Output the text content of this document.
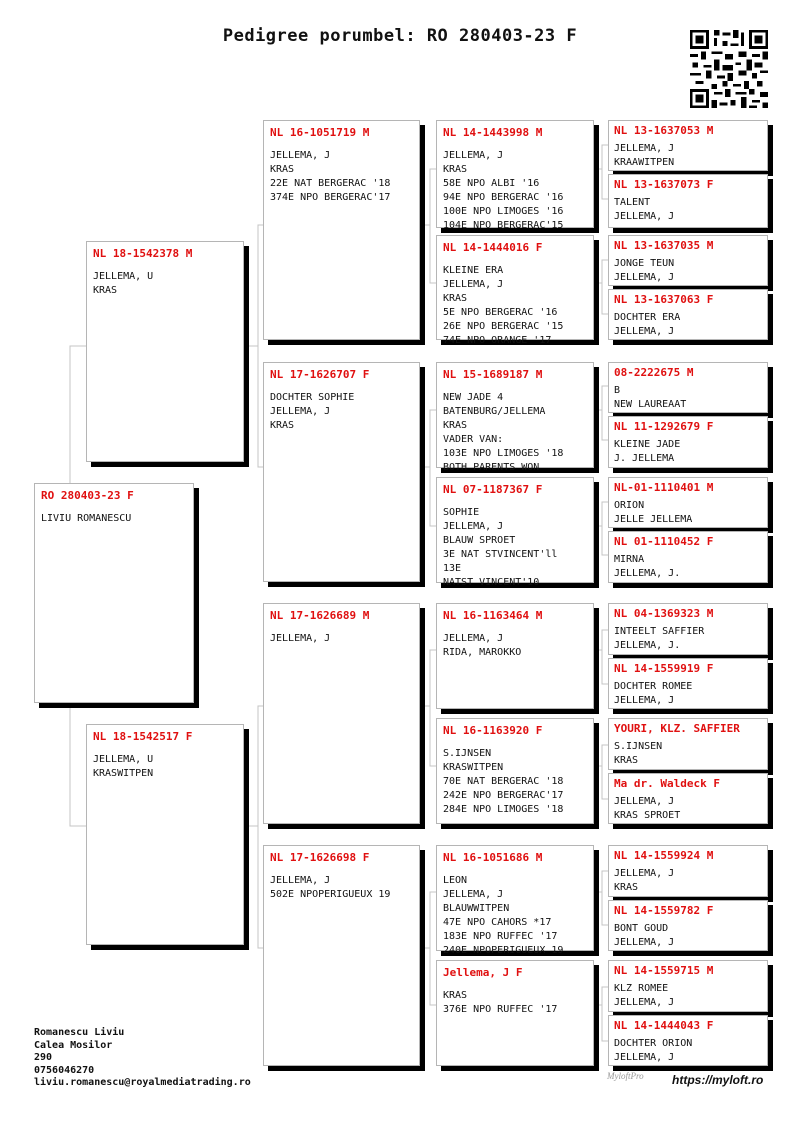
Pedigree porumbel: RO 280403-23 F
RO 280403-23 F
LIVIU ROMANESCU
NL 18-1542378 M
JELLEMA, U
KRAS
NL 18-1542517 F
JELLEMA, U
KRASWITPEN
NL 16-1051719 M
JELLEMA, J
KRAS
22E NAT BERGERAC '18
374E NPO BERGERAC'17
NL 17-1626707 F
DOCHTER SOPHIE
JELLEMA, J
KRAS
NL 17-1626689 M
JELLEMA, J
NL 17-1626698 F
JELLEMA, J
502E NPOPERIGUEUX 19
NL 14-1443998 M
JELLEMA, J
KRAS
58E NPO ALBI '16
94E NPO BERGERAC '16
100E NPO LIMOGES '16
104E NPO BERGERAC'15
NL 14-1444016 F
KLEINE ERA
JELLEMA, J
KRAS
5E NPO BERGERAC '16
26E NPO BERGERAC '15
74E NPO ORANGE '17
NL 15-1689187 M
NEW JADE 4
BATENBURG/JELLEMA
KRAS
VADER VAN:
103E NPO LIMOGES '18
BOTH PARENTS WON
NL 07-1187367 F
SOPHIE
JELLEMA, J
BLAUW SPROET
3E NAT STVINCENT'll
13E
NATST VINCENT'10
NL 16-1163464 M
JELLEMA, J
RIDA, MAROKKO
NL 16-1163920 F
S.IJNSEN
KRASWITPEN
70E NAT BERGERAC '18
242E NPO BERGERAC'17
284E NPO LIMOGES '18
NL 16-1051686 M
LEON
JELLEMA, J
BLAUWWITPEN
47E NPO CAHORS *17
183E NPO RUFFEC '17
240E NPOPERIGUEUX 19
Jellema, J F
KRAS
376E NPO RUFFEC '17
NL 13-1637053 M
JELLEMA, J
KRAAWITPEN
NL 13-1637073 F
TALENT
JELLEMA, J
NL 13-1637035 M
JONGE TEUN
JELLEMA, J
NL 13-1637063 F
DOCHTER ERA
JELLEMA, J
08-2222675 M
B
NEW LAUREAAT
NL 11-1292679 F
KLEINE JADE
J. JELLEMA
NL-01-1110401 M
ORION
JELLE JELLEMA
NL 01-1110452 F
MIRNA
JELLEMA, J.
NL 04-1369323 M
INTEELT SAFFIER
JELLEMA, J.
NL 14-1559919 F
DOCHTER ROMEE
JELLEMA, J
YOURI, KLZ. SAFFIER
S.IJNSEN
KRAS
Ma dr. Waldeck F
JELLEMA, J
KRAS SPROET
NL 14-1559924 M
JELLEMA, J
KRAS
NL 14-1559782 F
BONT GOUD
JELLEMA, J
NL 14-1559715 M
KLZ ROMEE
JELLEMA, J
NL 14-1444043 F
DOCHTER ORION
JELLEMA, J
Romanescu Liviu
Calea Mosilor
290
0756046270
liviu.romanescu@royalmediatrading.ro
MyloftPro https://myloft.ro
